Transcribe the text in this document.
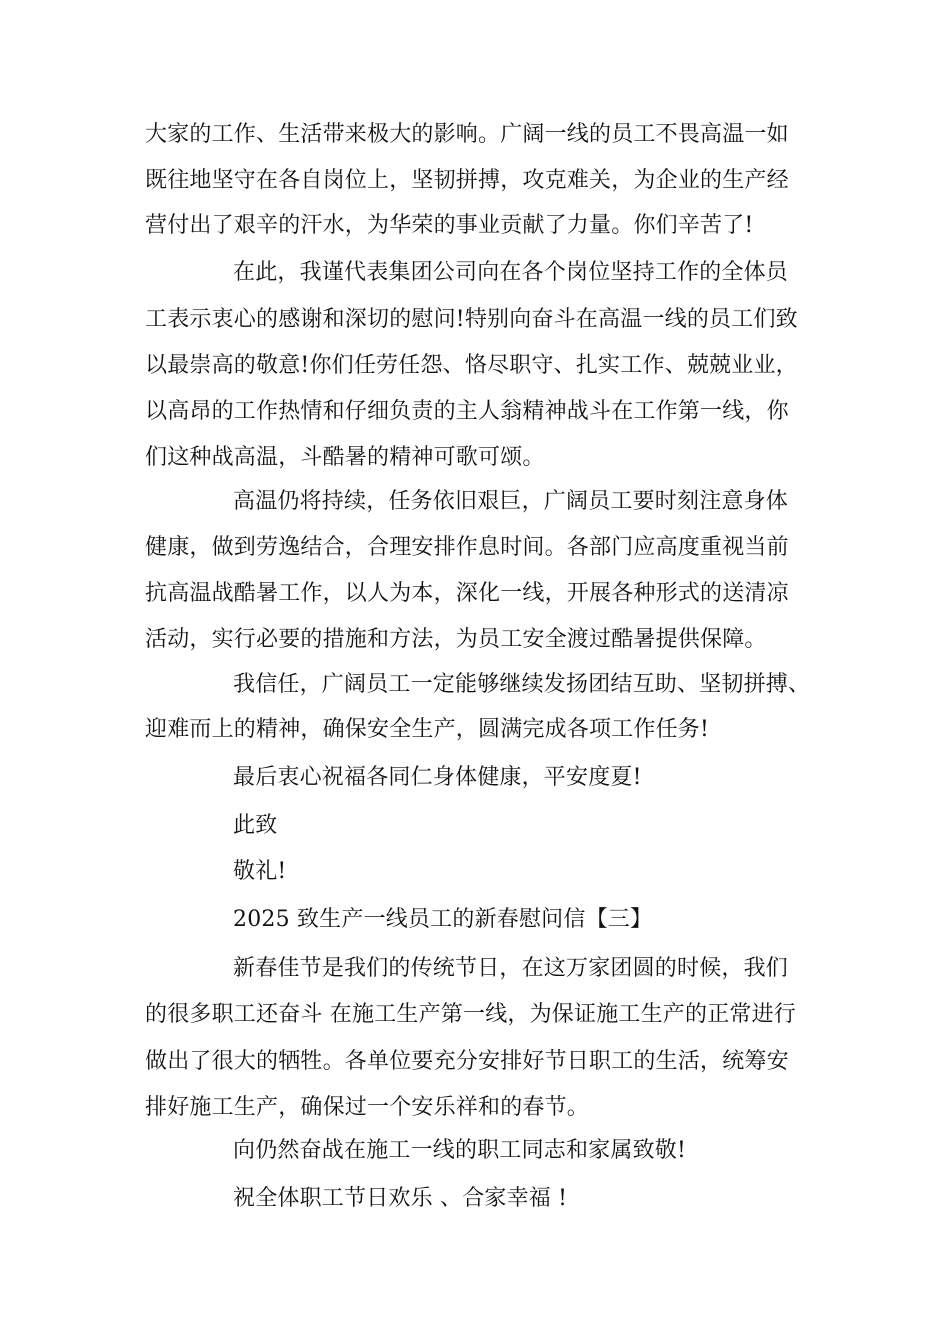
大家的工作、生活带来极大的影响。广阔一线的员工不畏高温一如
既往地坚守在各自岗位上，坚韧拼搏，攻克难关，为企业的生产经
营付出了艰辛的汗水，为华荣的事业贡献了力量。你们辛苦了!
在此，我谨代表集团公司向在各个岗位坚持工作的全体员
工表示衷心的感谢和深切的慰问!特别向奋斗在高温一线的员工们致
以最崇高的敬意!你们任劳任怨、恪尽职守、扎实工作、兢兢业业，
以高昂的工作热情和仔细负责的主人翁精神战斗在工作第一线，你
们这种战高温，斗酷暑的精神可歌可颂。
高温仍将持续，任务依旧艰巨，广阔员工要时刻注意身体
健康，做到劳逸结合，合理安排作息时间。各部门应高度重视当前
抗高温战酷暑工作，以人为本，深化一线，开展各种形式的送清凉
活动，实行必要的措施和方法，为员工安全渡过酷暑提供保障。
我信任，广阔员工一定能够继续发扬团结互助、坚韧拼搏、
迎难而上的精神，确保安全生产，圆满完成各项工作任务!
最后衷心祝福各同仁身体健康，平安度夏!
此致
敬礼!
2025 致生产一线员工的新春慰问信【三】
新春佳节是我们的传统节日，在这万家团圆的时候，我们
的很多职工还奋斗 在施工生产第一线，为保证施工生产的正常进行
做出了很大的牺牲。各单位要充分安排好节日职工的生活，统筹安
排好施工生产，确保过一个安乐祥和的春节。
向仍然奋战在施工一线的职工同志和家属致敬!
祝全体职工节日欢乐 、合家幸福 !
